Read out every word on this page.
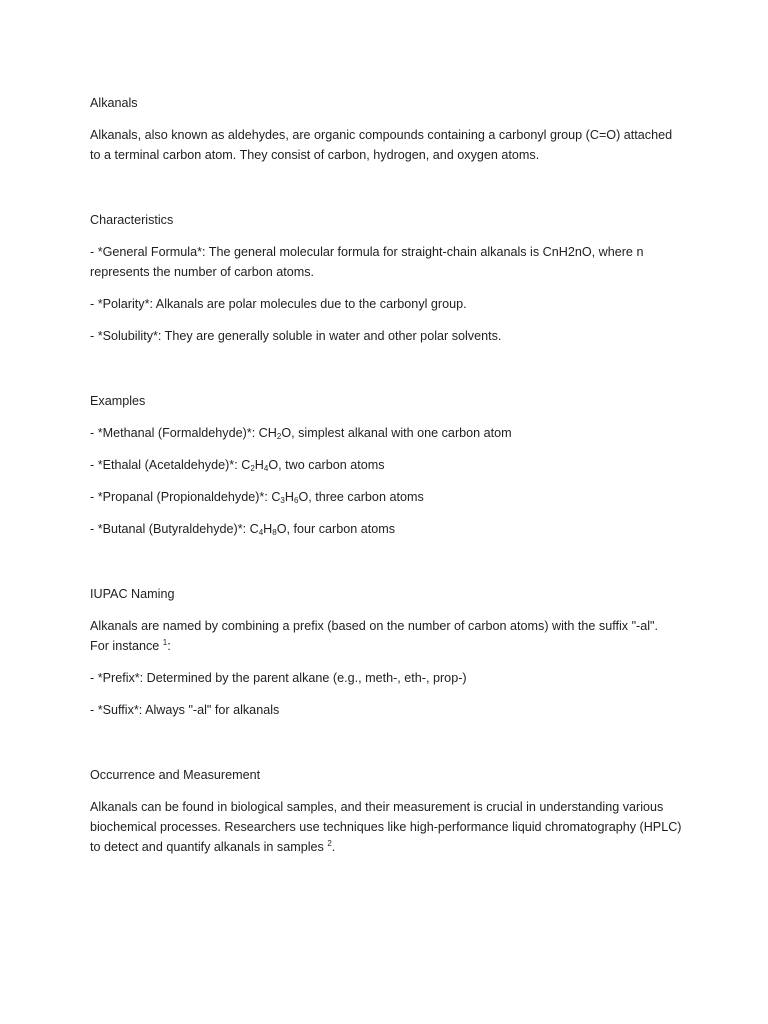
Alkanals

Alkanals, also known as aldehydes, are organic compounds containing a carbonyl group (C=O) attached
to a terminal carbon atom. They consist of carbon, hydrogen, and oxygen atoms.

Characteristics

- *General Formula*: The general molecular formula for straight-chain alkanals is CnH2nO, where n
represents the number of carbon atoms.

- *Polarity*: Alkanals are polar molecules due to the carbonyl group.

- *Solubility*: They are generally soluble in water and other polar solvents.

Examples

- *Methanal (Formaldehyde)*: $CH_2O$, simplest alkanal with one carbon atom

- *Ethalal (Acetaldehyde)*: $C_2H_4O$, two carbon atoms

- *Propanal (Propionaldehyde)*: $C_3H_6O$, three carbon atoms

- *Butanal (Butyraldehyde)*: $C_4H_8O$, four carbon atoms

IUPAC Naming

Alkanals are named by combining a prefix (based on the number of carbon atoms) with the suffix "-al".
For instance $^1$:

- *Prefix*: Determined by the parent alkane (e.g., meth-, eth-, prop-)

- *Suffix*: Always "-al" for alkanals

Occurrence and Measurement

Alkanals can be found in biological samples, and their measurement is crucial in understanding various
biochemical processes. Researchers use techniques like high-performance liquid chromatography (HPLC)
to detect and quantify alkanals in samples $^2$.
